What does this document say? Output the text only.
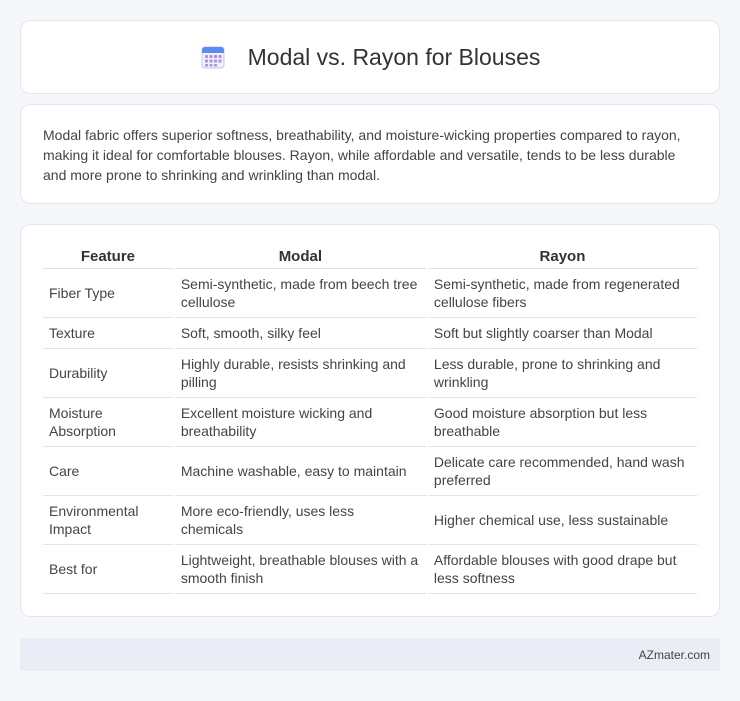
Modal vs. Rayon for Blouses

Modal fabric offers superior softness, breathability, and moisture-wicking properties compared to rayon, making it ideal for comfortable blouses. Rayon, while affordable and versatile, tends to be less durable and more prone to shrinking and wrinkling than modal.

Feature	Modal	Rayon
Fiber Type	Semi-synthetic, made from beech tree cellulose	Semi-synthetic, made from regenerated cellulose fibers
Texture	Soft, smooth, silky feel	Soft but slightly coarser than Modal
Durability	Highly durable, resists shrinking and pilling	Less durable, prone to shrinking and wrinkling
Moisture Absorption	Excellent moisture wicking and breathability	Good moisture absorption but less breathable
Care	Machine washable, easy to maintain	Delicate care recommended, hand wash preferred
Environmental Impact	More eco-friendly, uses less chemicals	Higher chemical use, less sustainable
Best for	Lightweight, breathable blouses with a smooth finish	Affordable blouses with good drape but less softness
AZmater.com
